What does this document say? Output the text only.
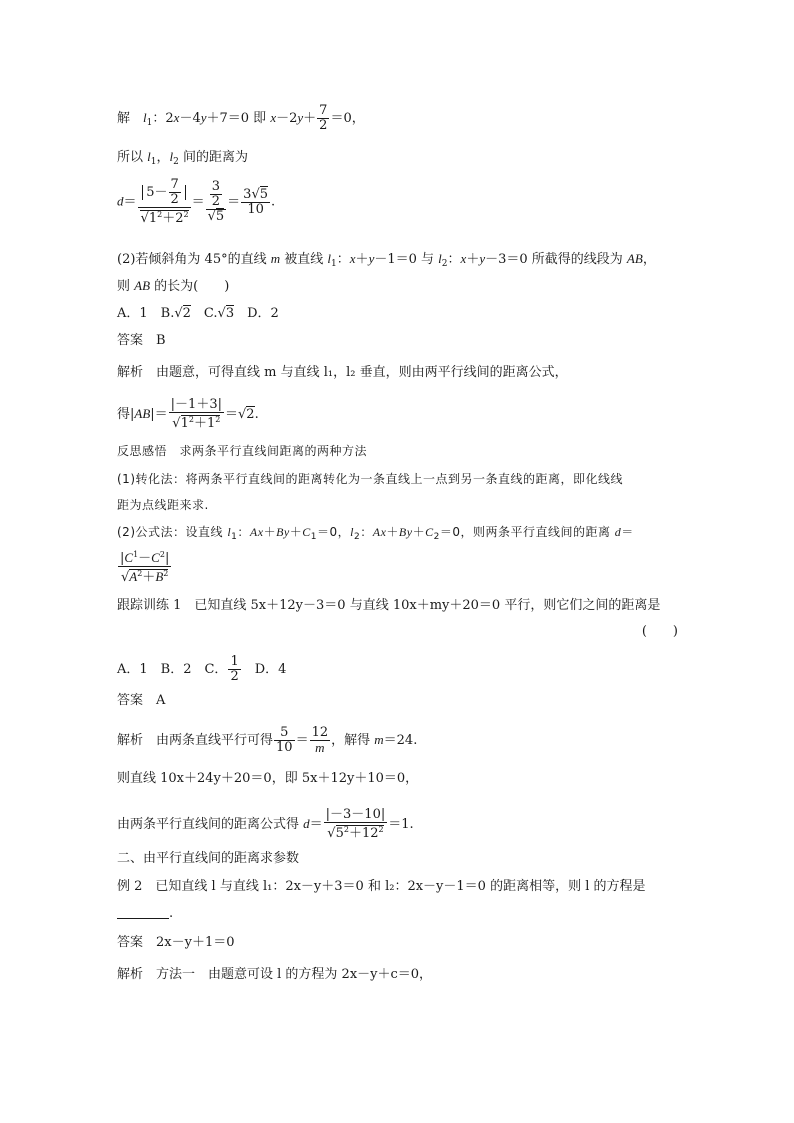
解　$l_1$：2x－4y＋7＝0 即 $x-2y+ \frac{7}{2} =0$，
所以 $l_1$，$l_2$ 间的距离为
$d= \frac{5- \frac{7}{2}}{√1^2+2^2} = \frac{\frac{3}{2}}{√5} = \frac{3√5}{10}$ .
(2)若倾斜角为 45°的直线 m 被直线 $l_1$：x＋y－1＝0 与 $l_2$：x＋y－3＝0 所截得的线段为 AB，
则 AB 的长为(　　)
A．1　B.√2　C.√3　D．2
答案　B
解析　由题意，可得直线 m 与直线 l₁，l₂ 垂直，则由两平行线间的距离公式，
得$|AB|= \frac{|-1+3|}{√1^2+1^2} =√2$.
反思感悟　求两条平行直线间距离的两种方法
(1)转化法：将两条平行直线间的距离转化为一条直线上一点到另一条直线的距离，即化线线
距为点线距来求.
(2)公式法：设直线 $l_1$：$Ax+By+C_1=0$，$l_2$：$Ax+By+C_2=0$，则两条平行直线间的距离 d＝
$\frac{|C^1-C^2|}{√A^2+B^2}$
跟踪训练 1　已知直线 5x＋12y－3＝0 与直线 10x＋my＋20＝0 平行，则它们之间的距离是
(　　)
A．1　B．2　C． $\frac{1}{2}$ 　D．4
答案　A
解析　由两条直线平行可得 $\frac{5}{10} = \frac{12}{m}$ ，解得 m＝24.
则直线 10x＋24y＋20＝0，即 5x＋12y＋10＝0，
由两条平行直线间的距离公式得 $d= \frac{|-3-10|}{√5^2+12^2} =1$.
二、由平行直线间的距离求参数
例 2　已知直线 l 与直线 l₁：2x－y＋3＝0 和 l₂：2x－y－1＝0 的距离相等，则 l 的方程是
.
答案　2x－y＋1＝0
解析　方法一　由题意可设 l 的方程为 2x－y＋c＝0，
